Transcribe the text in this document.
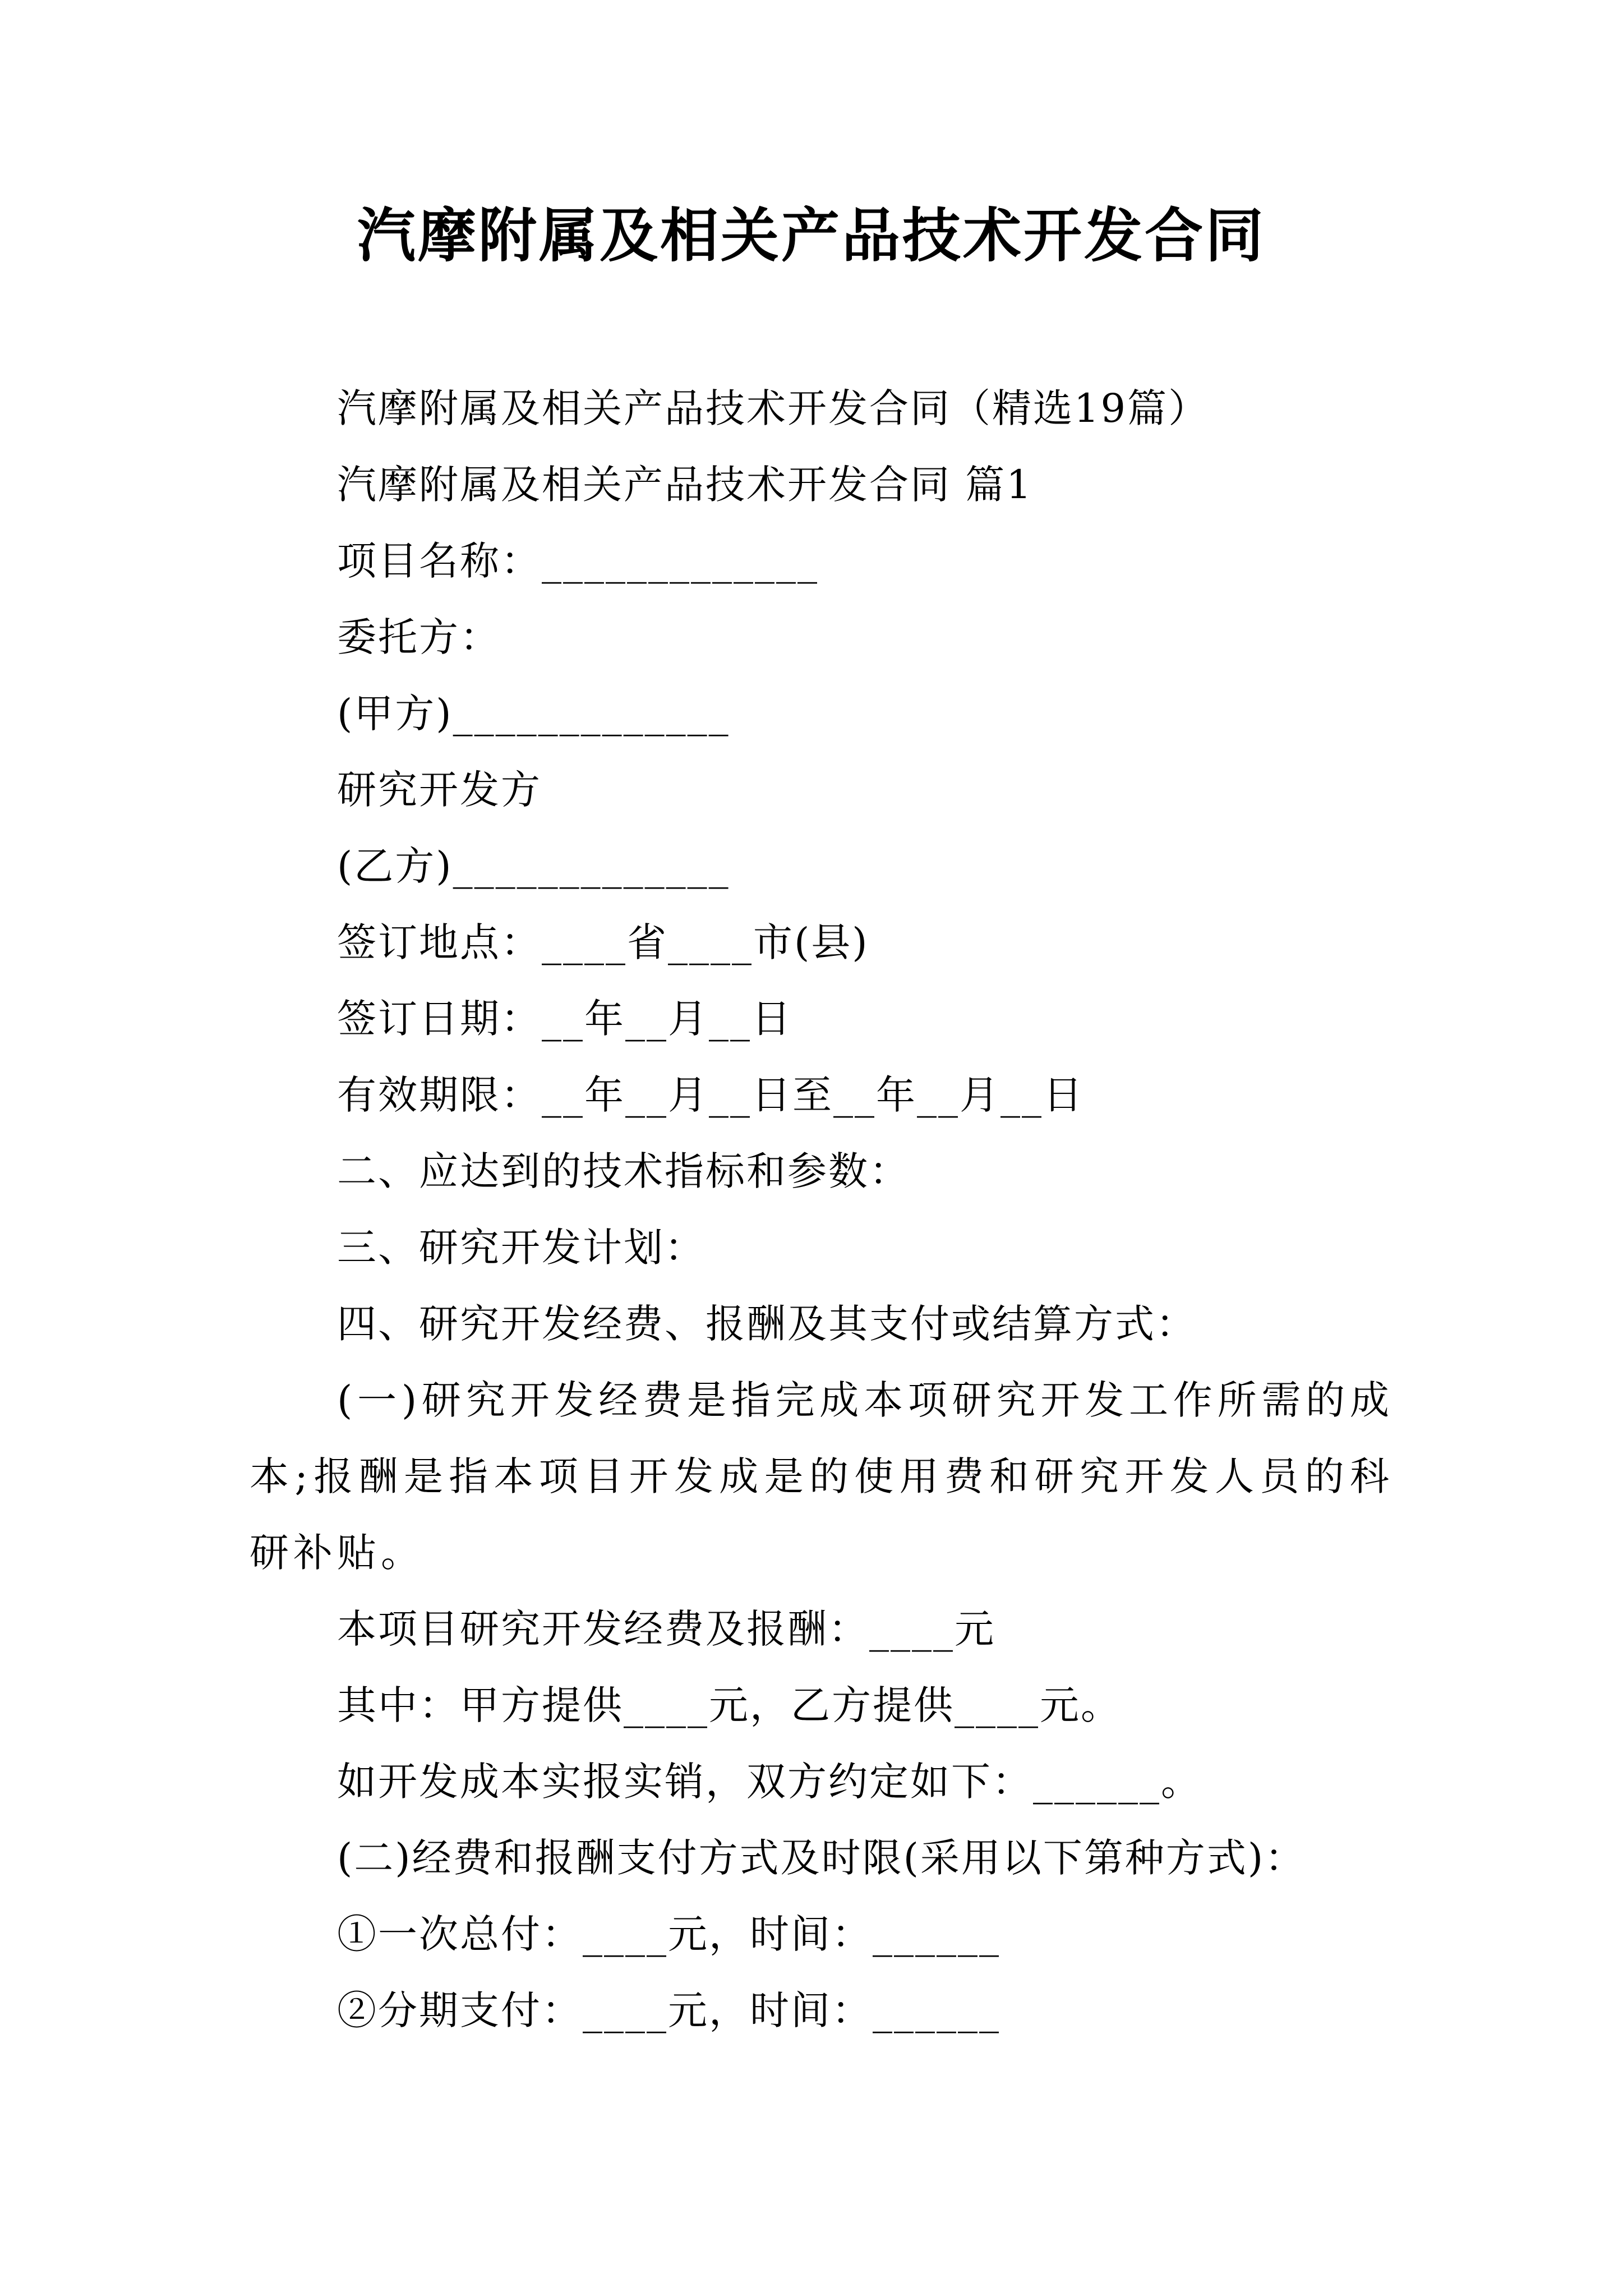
汽摩附属及相关产品技术开发合同
汽摩附属及相关产品技术开发合同（精选19篇）
汽摩附属及相关产品技术开发合同 篇1
项目名称：_____________
委托方：
(甲方)_____________
研究开发方
(乙方)_____________
签订地点：____省____市(县)
签订日期：__年__月__日
有效期限：__年__月__日至__年__月__日
二、应达到的技术指标和参数：
三、研究开发计划：
四、研究开发经费、报酬及其支付或结算方式：
(一)研究开发经费是指完成本项研究开发工作所需的成本;报酬是指本项目开发成是的使用费和研究开发人员的科研补贴。
本项目研究开发经费及报酬：____元
其中：甲方提供____元，乙方提供____元。
如开发成本实报实销，双方约定如下：______。
(二)经费和报酬支付方式及时限(采用以下第种方式)：
①一次总付：____元，时间：______
②分期支付：____元，时间：______
